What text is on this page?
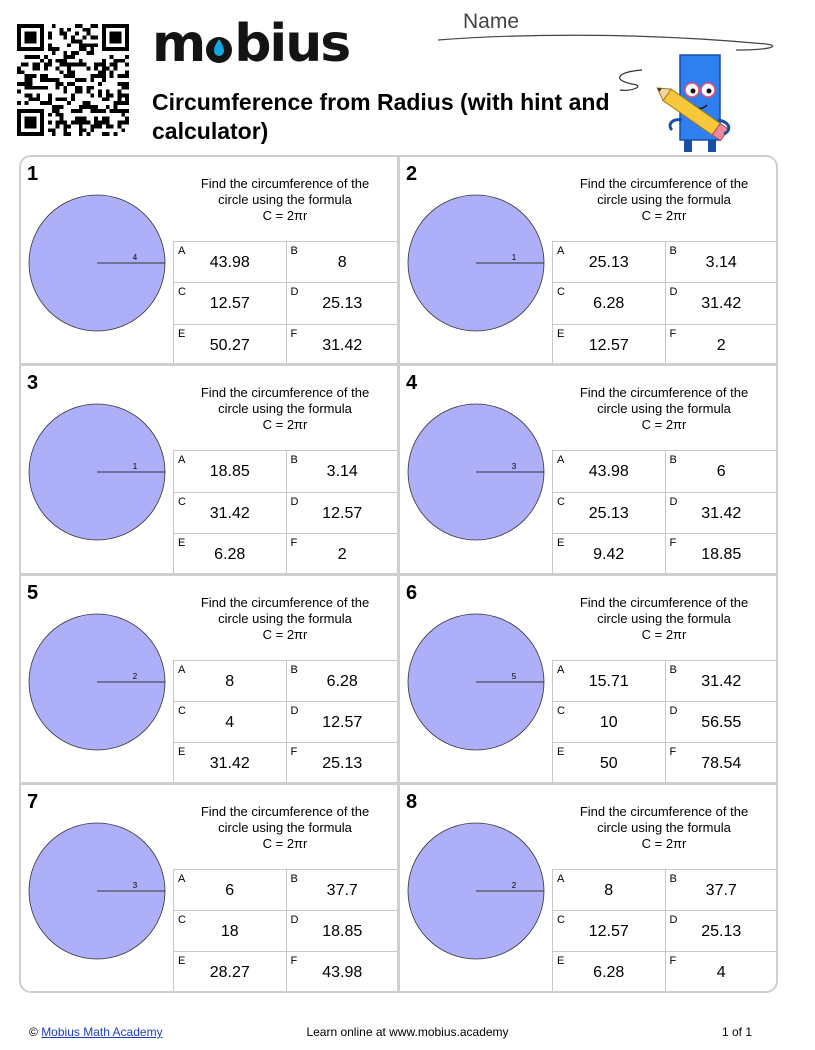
m bius
Circumference from Radius (with hint and calculator)
Name
1
4
Find the circumference of the
circle using the formula
C = 2πr
A
43.98
B
8
C
12.57
D
25.13
E
50.27
F
31.42
2
1
Find the circumference of the
circle using the formula
C = 2πr
A
25.13
B
3.14
C
6.28
D
31.42
E
12.57
F
2
3
1
Find the circumference of the
circle using the formula
C = 2πr
A
18.85
B
3.14
C
31.42
D
12.57
E
6.28
F
2
4
3
Find the circumference of the
circle using the formula
C = 2πr
A
43.98
B
6
C
25.13
D
31.42
E
9.42
F
18.85
5
2
Find the circumference of the
circle using the formula
C = 2πr
A
8
B
6.28
C
4
D
12.57
E
31.42
F
25.13
6
5
Find the circumference of the
circle using the formula
C = 2πr
A
15.71
B
31.42
C
10
D
56.55
E
50
F
78.54
7
3
Find the circumference of the
circle using the formula
C = 2πr
A
6
B
37.7
C
18
D
18.85
E
28.27
F
43.98
8
2
Find the circumference of the
circle using the formula
C = 2πr
A
8
B
37.7
C
12.57
D
25.13
E
6.28
F
4
© Mobius Math Academy	Learn online at www.mobius.academy	1 of 1
